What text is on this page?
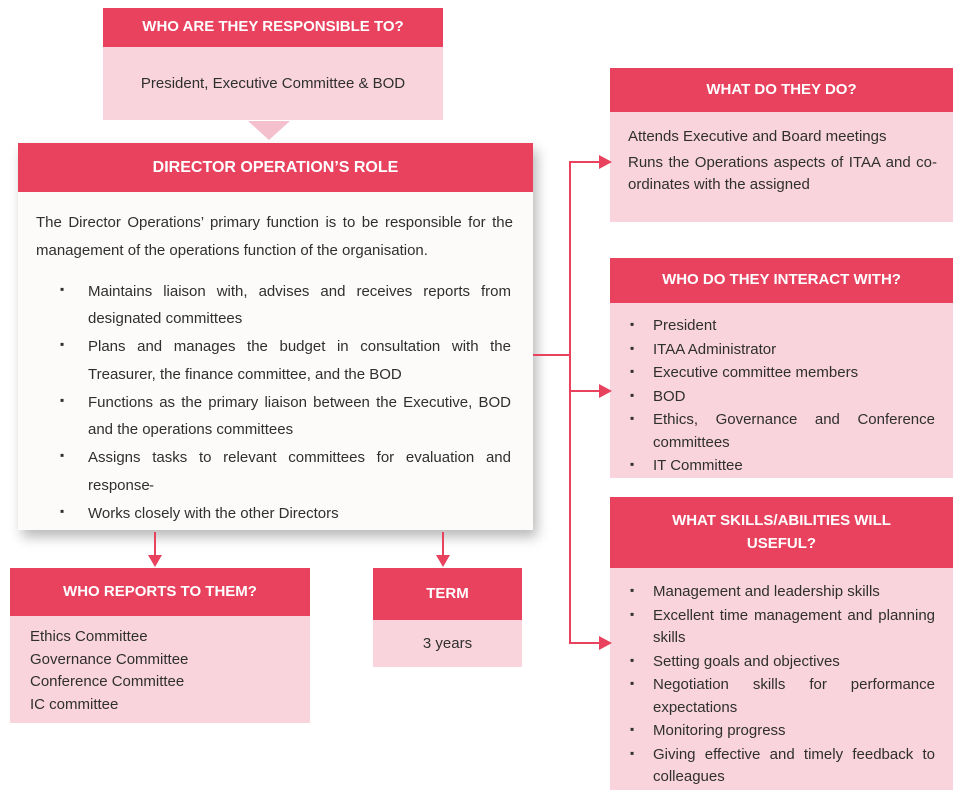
WHO ARE THEY RESPONSIBLE TO?
President, Executive Committee & BOD
DIRECTOR OPERATION’S ROLE

The Director Operations’ primary function is to be responsible for the management of the operations function of the organisation.

▪ Maintains liaison with, advises and receives reports from designated committees
▪ Plans and manages the budget in consultation with the Treasurer, the finance committee, and the BOD
▪ Functions as the primary liaison between the Executive, BOD and the operations committees
▪ Assigns tasks to relevant committees for evaluation and response
▪ Works closely with the other Directors
-
WHO REPORTS TO THEM?
Ethics Committee
Governance Committee
Conference Committee
IC committee
TERM
3 years
WHAT DO THEY DO?
Attends Executive and Board meetings
Runs the Operations aspects of ITAA and co-ordinates with the assigned
WHO DO THEY INTERACT WITH?
▪ President
▪ ITAA Administrator
▪ Executive committee members
▪ BOD
▪ Ethics, Governance and Conference committees
▪ IT Committee
WHAT SKILLS/ABILITIES WILL USEFUL?
▪ Management and leadership skills
▪ Excellent time management and planning skills
▪ Setting goals and objectives
▪ Negotiation skills for performance expectations
▪ Monitoring progress
▪ Giving effective and timely feedback to colleagues
